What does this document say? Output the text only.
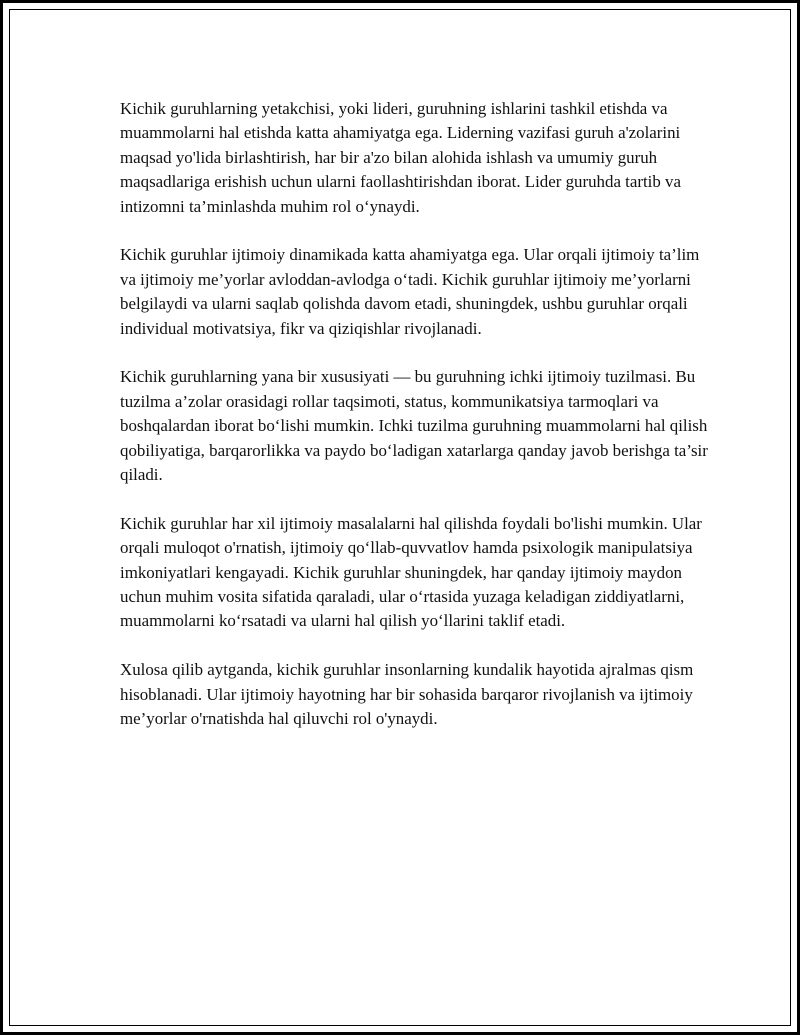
Kichik guruhlarning yetakchisi, yoki lideri, guruhning ishlarini tashkil etishda va muammolarni hal etishda katta ahamiyatga ega. Liderning vazifasi guruh a'zolarini maqsad yo'lida birlashtirish, har bir a'zo bilan alohida ishlash va umumiy guruh maqsadlariga erishish uchun ularni faollashtirishdan iborat. Lider guruhda tartib va intizomni ta’minlashda muhim rol o‘ynaydi.

Kichik guruhlar ijtimoiy dinamikada katta ahamiyatga ega. Ular orqali ijtimoiy ta’lim va ijtimoiy me’yorlar avloddan-avlodga o‘tadi. Kichik guruhlar ijtimoiy me’yorlarni belgilaydi va ularni saqlab qolishda davom etadi, shuningdek, ushbu guruhlar orqali individual motivatsiya, fikr va qiziqishlar rivojlanadi.

Kichik guruhlarning yana bir xususiyati — bu guruhning ichki ijtimoiy tuzilmasi. Bu tuzilma a’zolar orasidagi rollar taqsimoti, status, kommunikatsiya tarmoqlari va boshqalardan iborat bo‘lishi mumkin. Ichki tuzilma guruhning muammolarni hal qilish qobiliyatiga, barqarorlikka va paydo bo‘ladigan xatarlarga qanday javob berishga ta’sir qiladi.

Kichik guruhlar har xil ijtimoiy masalalarni hal qilishda foydali bo'lishi mumkin. Ular orqali muloqot o'rnatish, ijtimoiy qo‘llab-quvvatlov hamda psixologik manipulatsiya imkoniyatlari kengayadi. Kichik guruhlar shuningdek, har qanday ijtimoiy maydon uchun muhim vosita sifatida qaraladi, ular o‘rtasida yuzaga keladigan ziddiyatlarni, muammolarni ko‘rsatadi va ularni hal qilish yo‘llarini taklif etadi.

Xulosa qilib aytganda, kichik guruhlar insonlarning kundalik hayotida ajralmas qism hisoblanadi. Ular ijtimoiy hayotning har bir sohasida barqaror rivojlanish va ijtimoiy me’yorlar o'rnatishda hal qiluvchi rol o'ynaydi.
